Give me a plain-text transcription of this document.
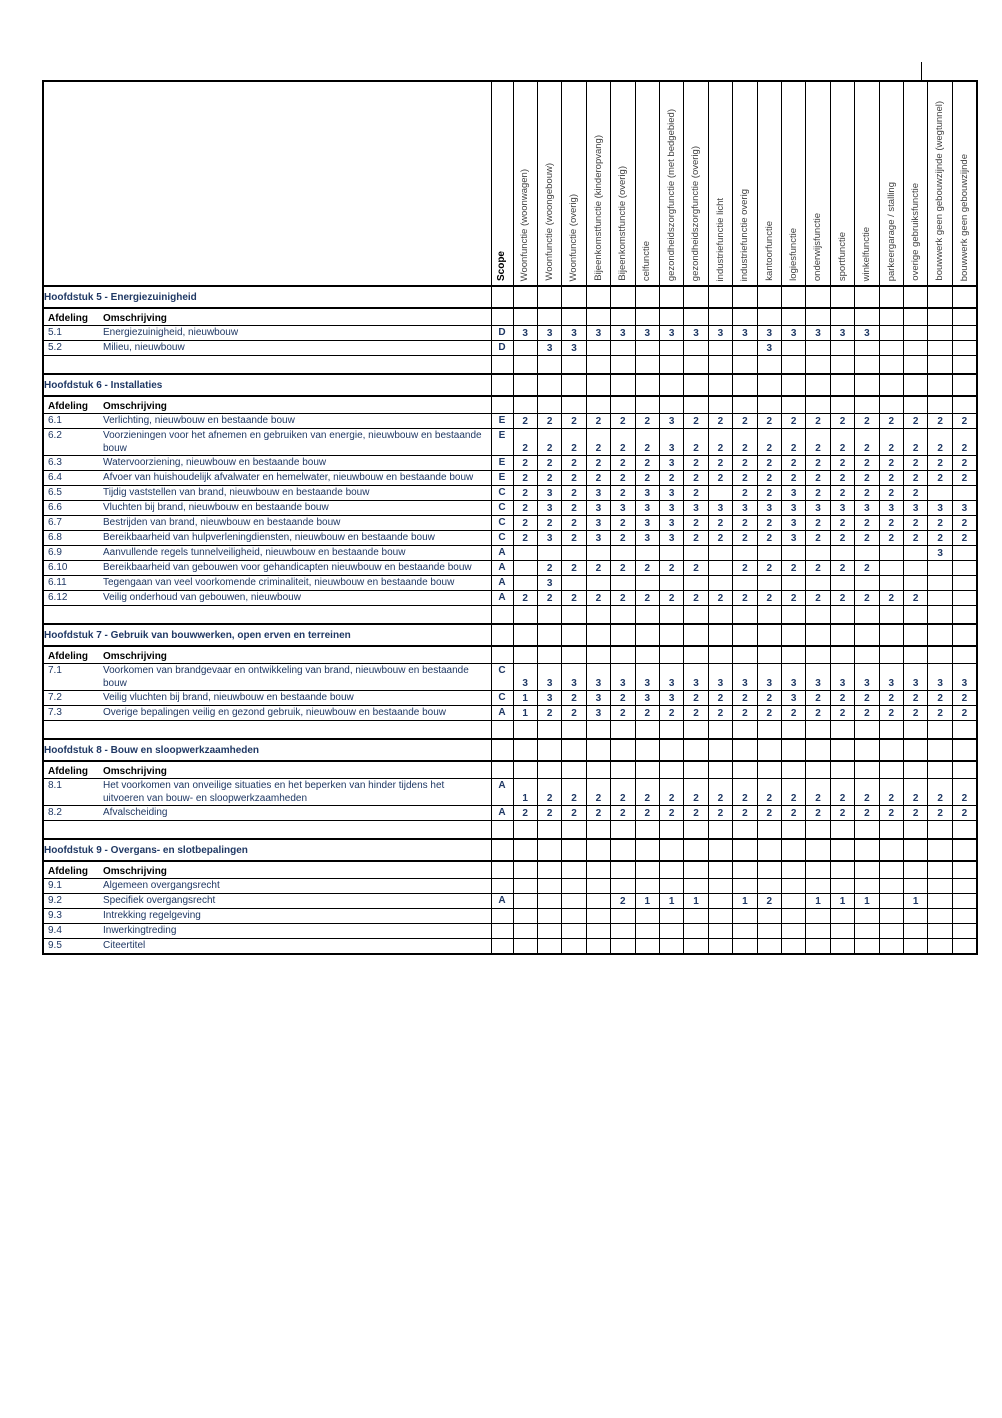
	Scope	Woonfunctie (woonwagen)	Woonfunctie (woongebouw)	Woonfunctie (overig)	Bijeenkomstfunctie (kinderopvang)	Bijeenkomstfunctie (overig)	celfunctie	gezondheidszorgfunctie (met bedgebied)	gezondheidszorgfunctie (overig)	industriefunctie licht	industriefunctie overig	kantoorfunctie	logiesfunctie	onderwijsfunctie	sportfunctie	winkelfunctie	parkeergarage / stalling	overige gebruiksfunctie	bouwwerk geen gebouwzijnde (wegtunnel)	bouwwerk geen gebouwzijnde

Hoofdstuk 5 - Energiezuinigheid																				
Afdeling Omschrijving																				

5.1 Energiezuinigheid, nieuwbouw	D	3	3	3	3	3	3	3	3	3	3	3	3	3	3	3				

5.2 Milieu, nieuwbouw	D		3	3								3								

Hoofdstuk 6 - Installaties																				
Afdeling Omschrijving																				

6.1 Verlichting, nieuwbouw en bestaande bouw	E	2	2	2	2	2	2	3	2	2	2	2	2	2	2	2	2	2	2	2

6.2 Voorzieningen voor het afnemen en gebruiken van energie, nieuwbouw en bestaande
bouw	E	2	2	2	2	2	2	3	2	2	2	2	2	2	2	2	2	2	2	2

6.3 Watervoorziening, nieuwbouw en bestaande bouw	E	2	2	2	2	2	2	3	2	2	2	2	2	2	2	2	2	2	2	2

6.4 Afvoer van huishoudelijk afvalwater en hemelwater, nieuwbouw en bestaande bouw	E	2	2	2	2	2	2	2	2	2	2	2	2	2	2	2	2	2	2	2

6.5 Tijdig vaststellen van brand, nieuwbouw en bestaande bouw	C	2	3	2	3	2	3	3	2		2	2	3	2	2	2	2	2		

6.6 Vluchten bij brand, nieuwbouw en bestaande bouw	C	2	3	2	3	3	3	3	3	3	3	3	3	3	3	3	3	3	3	3

6.7 Bestrijden van brand, nieuwbouw en bestaande bouw	C	2	2	2	3	2	3	3	2	2	2	2	3	2	2	2	2	2	2	2

6.8 Bereikbaarheid van hulpverleningdiensten, nieuwbouw en bestaande bouw	C	2	3	2	3	2	3	3	2	2	2	2	3	2	2	2	2	2	2	2

6.9 Aanvullende regels tunnelveiligheid, nieuwbouw en bestaande bouw	A																		3	

6.10 Bereikbaarheid van gebouwen voor gehandicapten nieuwbouw en bestaande bouw	A		2	2	2	2	2	2	2		2	2	2	2	2	2				

6.11 Tegengaan van veel voorkomende criminaliteit, nieuwbouw en bestaande bouw	A		3																	

6.12 Veilig onderhoud van gebouwen, nieuwbouw	A	2	2	2	2	2	2	2	2	2	2	2	2	2	2	2	2	2		

Hoofdstuk 7 - Gebruik van bouwwerken, open erven en terreinen																				
Afdeling Omschrijving																				

7.1 Voorkomen van brandgevaar en ontwikkeling van brand, nieuwbouw en bestaande
bouw	C	3	3	3	3	3	3	3	3	3	3	3	3	3	3	3	3	3	3	3

7.2 Veilig vluchten bij brand, nieuwbouw en bestaande bouw	C	1	3	2	3	2	3	3	2	2	2	2	3	2	2	2	2	2	2	2

7.3 Overige bepalingen veilig en gezond gebruik, nieuwbouw en bestaande bouw	A	1	2	2	3	2	2	2	2	2	2	2	2	2	2	2	2	2	2	2

Hoofdstuk 8 - Bouw en sloopwerkzaamheden																				
Afdeling Omschrijving																				

8.1 Het voorkomen van onveilige situaties en het beperken van hinder tijdens het
uitvoeren van bouw- en sloopwerkzaamheden	A	1	2	2	2	2	2	2	2	2	2	2	2	2	2	2	2	2	2	2

8.2 Afvalscheiding	A	2	2	2	2	2	2	2	2	2	2	2	2	2	2	2	2	2	2	2

Hoofdstuk 9 - Overgans- en slotbepalingen																				
Afdeling Omschrijving																				

9.1 Algemeen overgangsrecht																				

9.2 Specifiek overgangsrecht	A					2	1	1	1		1	2		1	1	1		1		

9.3 Intrekking regelgeving																				

9.4 Inwerkingtreding																				

9.5 Citeertitel																				
